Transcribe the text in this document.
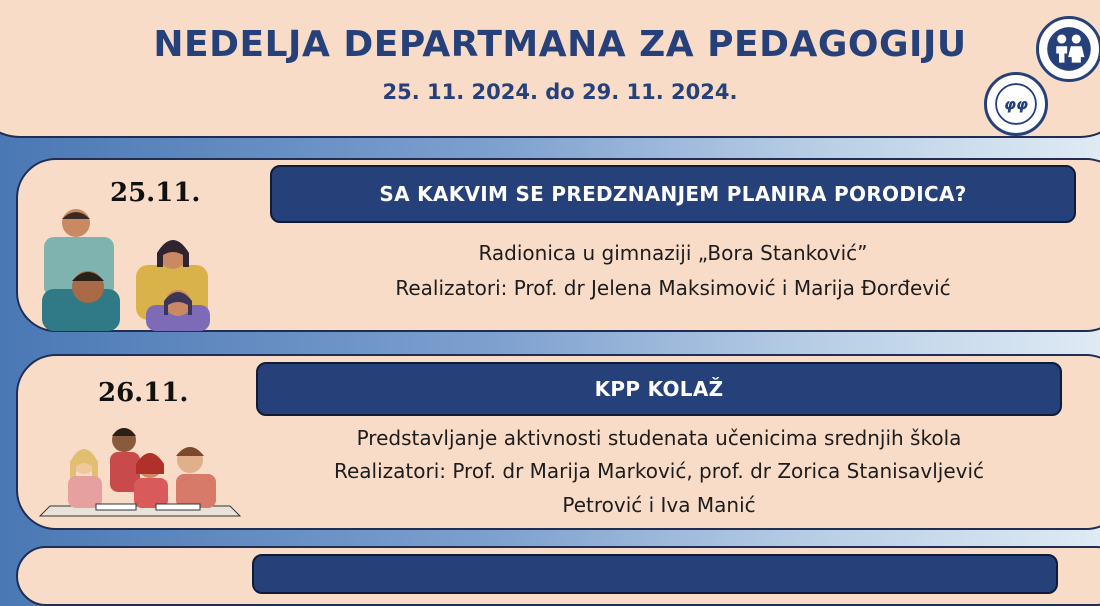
NEDELJA DEPARTMANA ZA PEDAGOGIJU
25. 11. 2024. do 29. 11. 2024.
φφ
25.11.	SA KAKVIM SE PREDZNANJEM PLANIRA PORODICA?
Radionica u gimnaziji „Bora Stanković”
Realizatori: Prof. dr Jelena Maksimović i Marija Đorđević
26.11.	KPP KOLAŽ
Predstavljanje aktivnosti studenata učenicima srednjih škola
Realizatori: Prof. dr Marija Marković, prof. dr Zorica Stanisavljević
Petrović i Iva Manić
